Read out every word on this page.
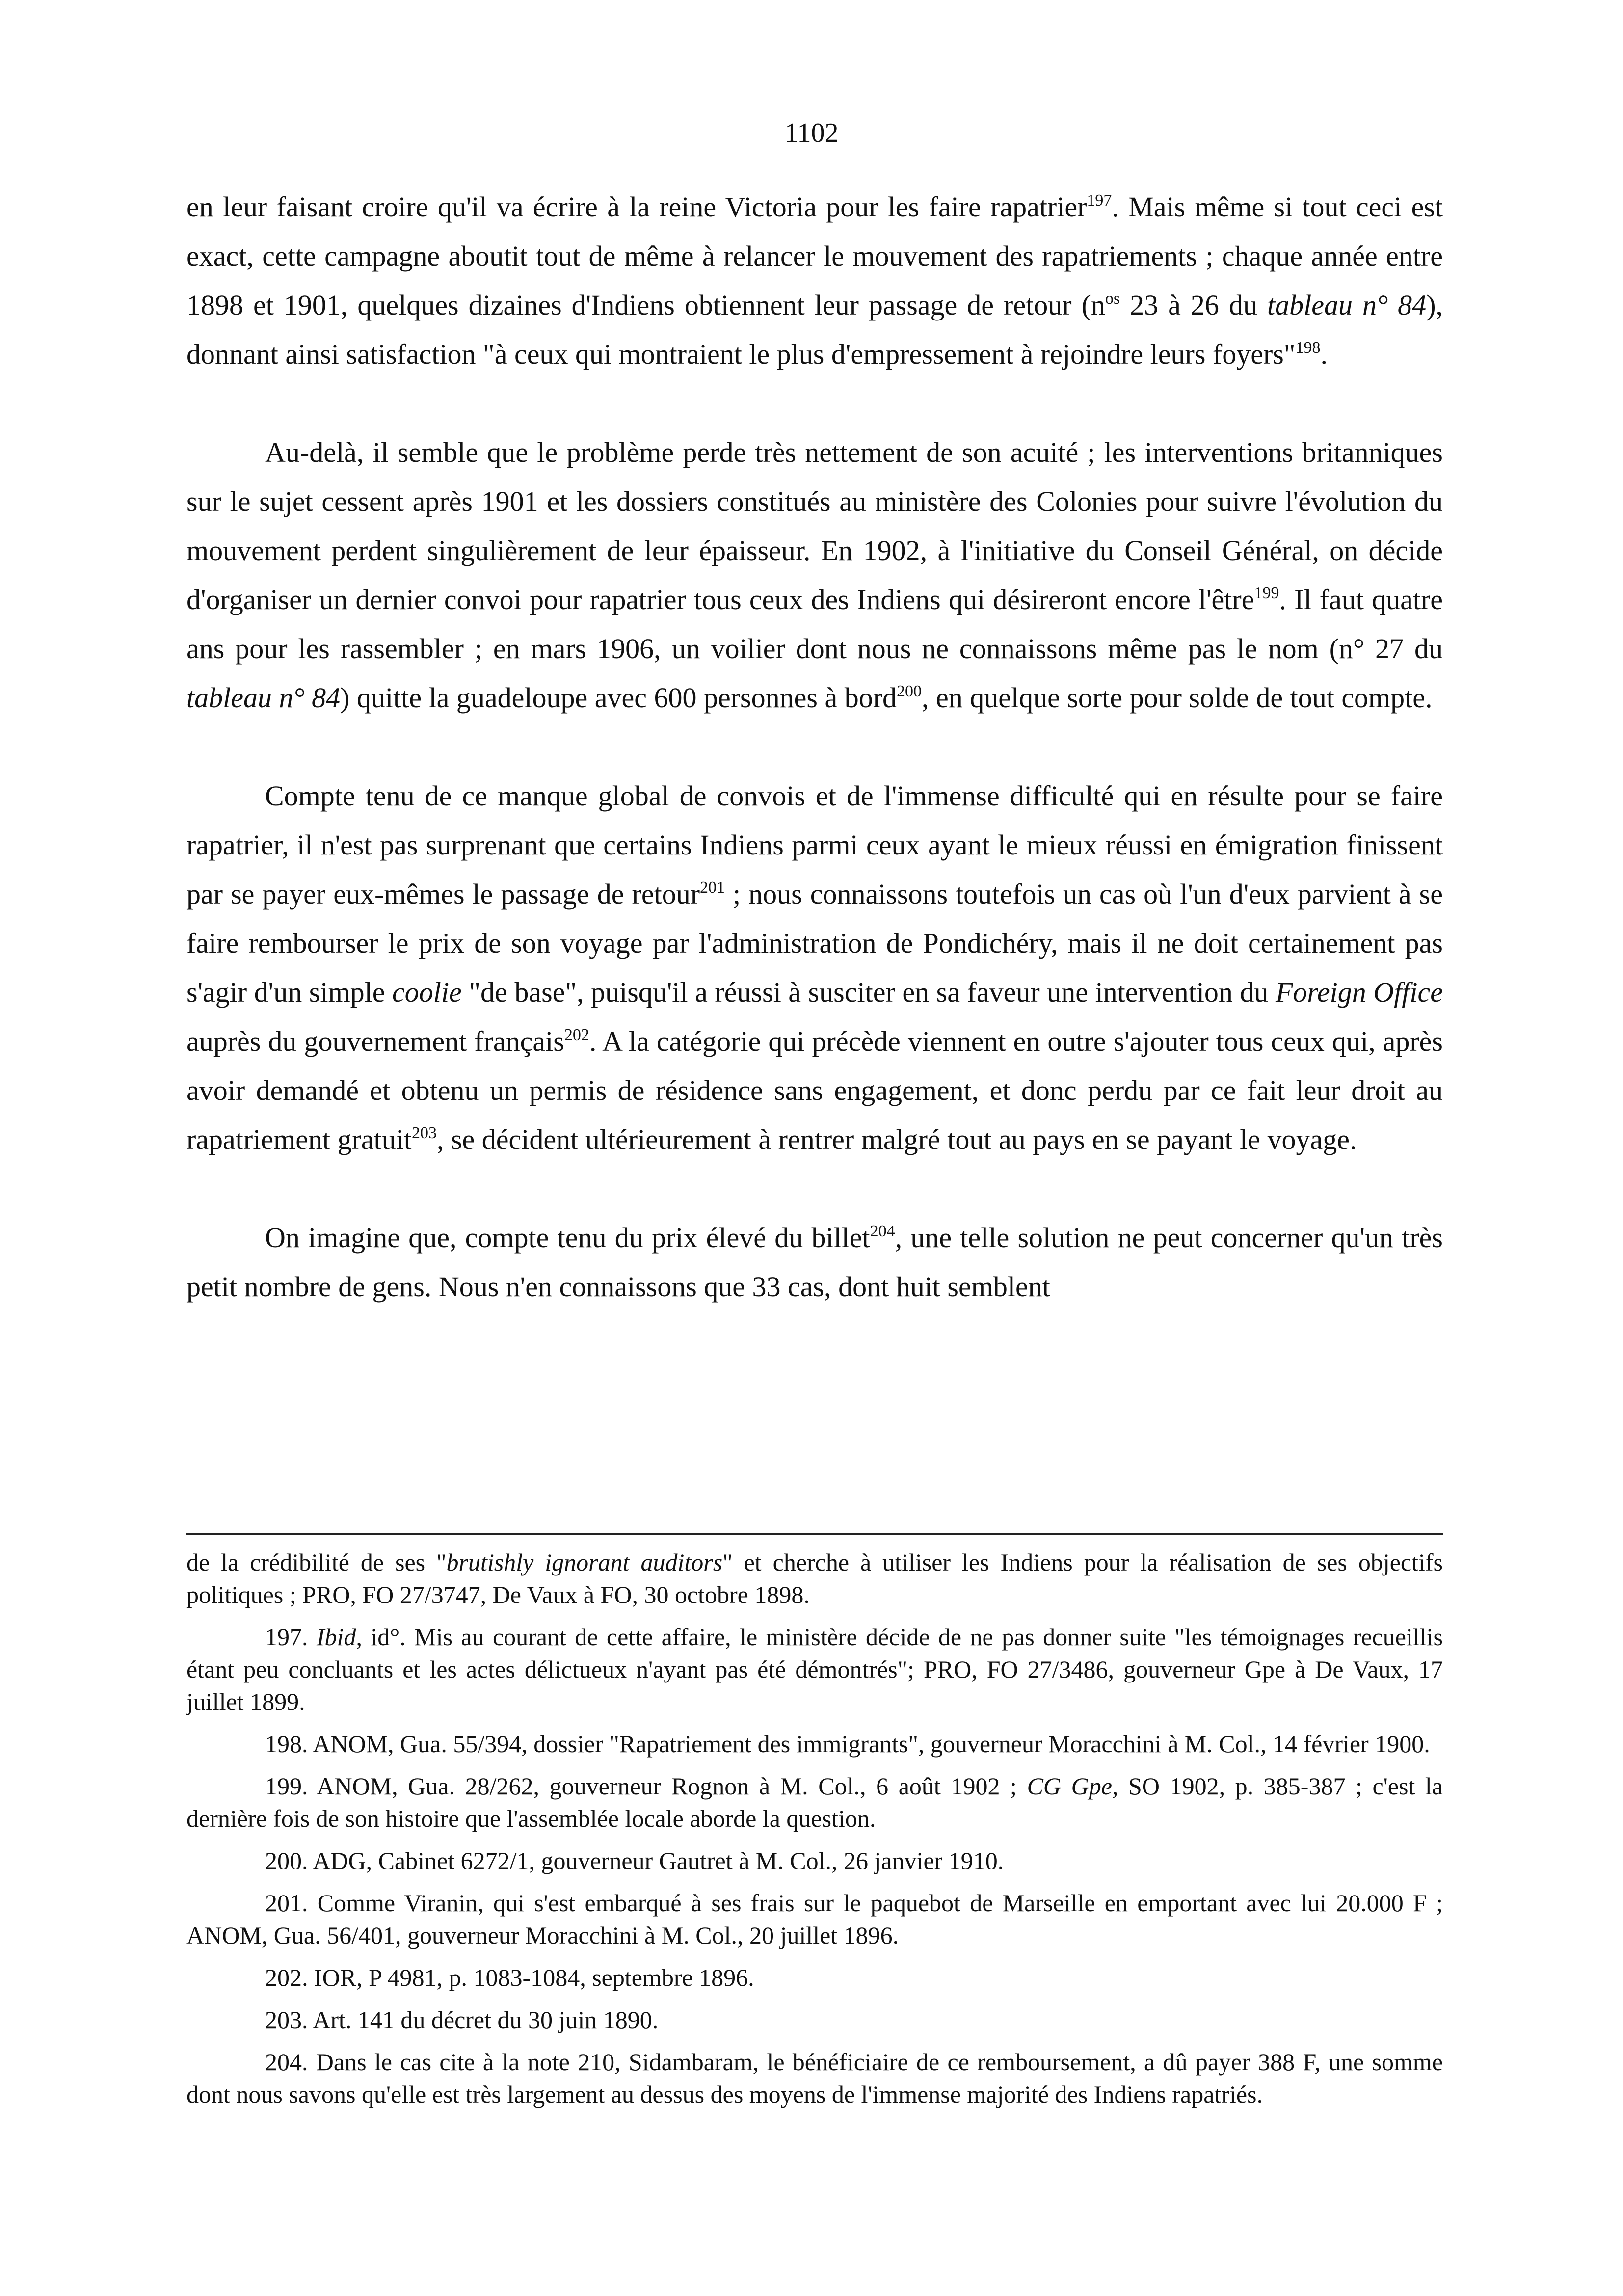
1102

en leur faisant croire qu'il va écrire à la reine Victoria pour les faire rapatrier$^{197}$. Mais même si tout ceci est exact, cette campagne aboutit tout de même à relancer le mouvement des rapatriements ; chaque année entre 1898 et 1901, quelques dizaines d'Indiens obtiennent leur passage de retour ($n^{os}$ 23 à 26 du tableau n° 84), donnant ainsi satisfaction "à ceux qui montraient le plus d'empressement à rejoindre leurs foyers"$^{198}$.

Au-delà, il semble que le problème perde très nettement de son acuité ; les interventions britanniques sur le sujet cessent après 1901 et les dossiers constitués au ministère des Colonies pour suivre l'évolution du mouvement perdent singulièrement de leur épaisseur. En 1902, à l'initiative du Conseil Général, on décide d'organiser un dernier convoi pour rapatrier tous ceux des Indiens qui désireront encore l'être$^{199}$. Il faut quatre ans pour les rassembler ; en mars 1906, un voilier dont nous ne connaissons même pas le nom (n° 27 du tableau n° 84) quitte la guadeloupe avec 600 personnes à bord$^{200}$, en quelque sorte pour solde de tout compte.

Compte tenu de ce manque global de convois et de l'immense difficulté qui en résulte pour se faire rapatrier, il n'est pas surprenant que certains Indiens parmi ceux ayant le mieux réussi en émigration finissent par se payer eux-mêmes le passage de retour$^{201}$ ; nous connaissons toutefois un cas où l'un d'eux parvient à se faire rembourser le prix de son voyage par l'administration de Pondichéry, mais il ne doit certainement pas s'agir d'un simple coolie "de base", puisqu'il a réussi à susciter en sa faveur une intervention du Foreign Office auprès du gouvernement français$^{202}$. A la catégorie qui précède viennent en outre s'ajouter tous ceux qui, après avoir demandé et obtenu un permis de résidence sans engagement, et donc perdu par ce fait leur droit au rapatriement gratuit$^{203}$, se décident ultérieurement à rentrer malgré tout au pays en se payant le voyage.

On imagine que, compte tenu du prix élevé du billet$^{204}$, une telle solution ne peut concerner qu'un très petit nombre de gens. Nous n'en connaissons que 33 cas, dont huit semblent

de la crédibilité de ses "brutishly ignorant auditors" et cherche à utiliser les Indiens pour la réalisation de ses objectifs politiques ; PRO, FO 27/3747, De Vaux à FO, 30 octobre 1898.

197. Ibid, id°. Mis au courant de cette affaire, le ministère décide de ne pas donner suite "les témoignages recueillis étant peu concluants et les actes délictueux n'ayant pas été démontrés"; PRO, FO 27/3486, gouverneur Gpe à De Vaux, 17 juillet 1899.

198. ANOM, Gua. 55/394, dossier "Rapatriement des immigrants", gouverneur Moracchini à M. Col., 14 février 1900.

199. ANOM, Gua. 28/262, gouverneur Rognon à M. Col., 6 août 1902 ; CG Gpe, SO 1902, p. 385-387 ; c'est la dernière fois de son histoire que l'assemblée locale aborde la question.

200. ADG, Cabinet 6272/1, gouverneur Gautret à M. Col., 26 janvier 1910.

201. Comme Viranin, qui s'est embarqué à ses frais sur le paquebot de Marseille en emportant avec lui 20.000 F ; ANOM, Gua. 56/401, gouverneur Moracchini à M. Col., 20 juillet 1896.

202. IOR, P 4981, p. 1083-1084, septembre 1896.

203. Art. 141 du décret du 30 juin 1890.

204. Dans le cas cite à la note 210, Sidambaram, le bénéficiaire de ce remboursement, a dû payer 388 F, une somme dont nous savons qu'elle est très largement au dessus des moyens de l'immense majorité des Indiens rapatriés.
